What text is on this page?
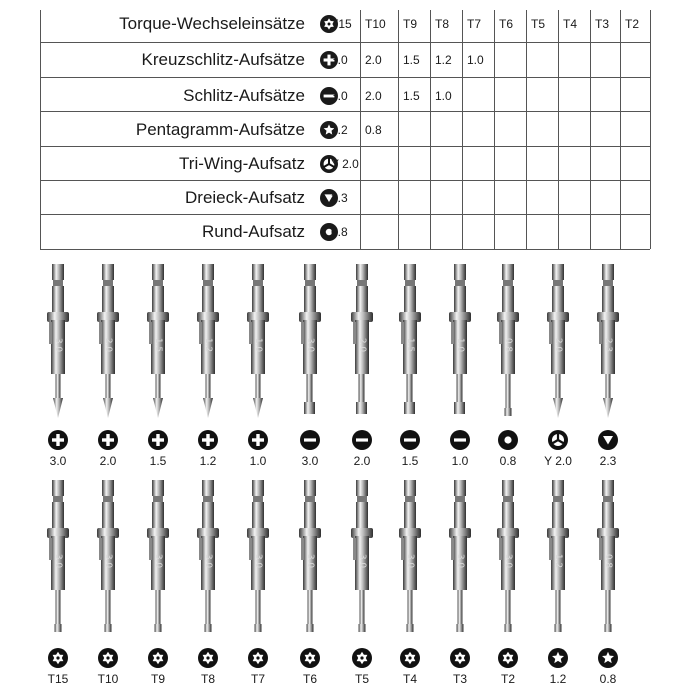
Torque-Wechseleinsätze	T15	T10	T9	T8	T7	T6	T5	T4	T3	T2
Kreuzschlitz-Aufsätze	3.0	2.0	1.5	1.2	1.0
Schlitz-Aufsätze	3.0	2.0	1.5	1.0
Pentagramm-Aufsätze	1.2	0.8
Tri-Wing-Aufsatz	Y 2.0
Dreieck-Aufsatz	2.3
Rund-Aufsatz	0.8
3.0
3.0
2.0
2.0
1.5
1.5
1.2
1.2
1.0
1.0
3.0
3.0
2.0
2.0
1.5
1.5
1.0
1.0
0.8
0.8
2.0
Y 2.0
2.3
2.3
3.0
T15
3.0
T10
3.0
T9
3.0
T8
3.0
T7
3.0
T6
3.0
T5
3.0
T4
3.0
T3
3.0
T2
1.2
1.2
0.8
0.8
